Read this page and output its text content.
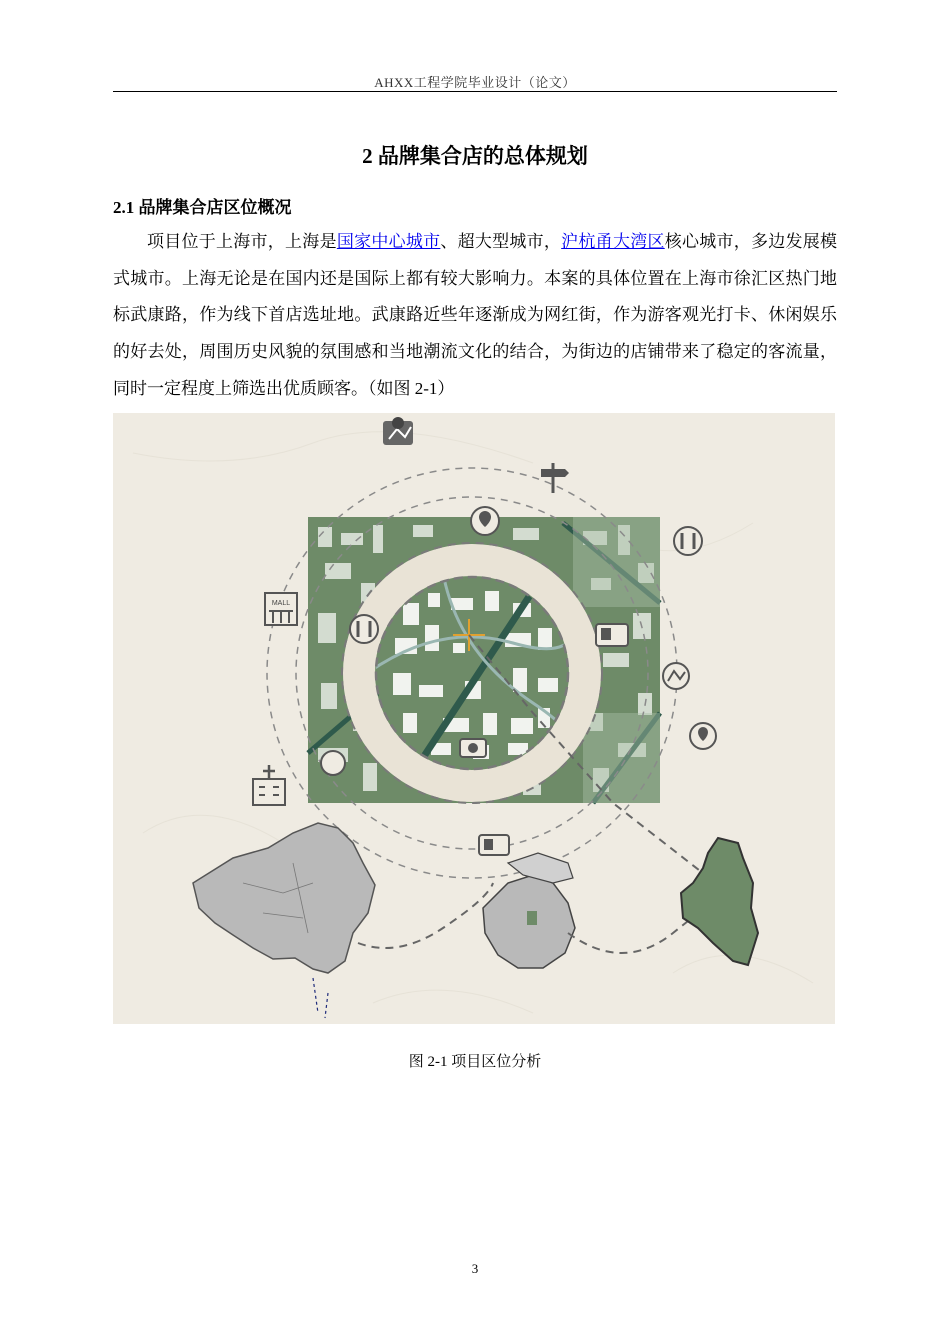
AHXX工程学院毕业设计（论文）
2 品牌集合店的总体规划
2.1 品牌集合店区位概况
项目位于上海市，上海是国家中心城市、超大型城市，沪杭甬大湾区核心城市，多边发展模式城市。上海无论是在国内还是国际上都有较大影响力。本案的具体位置在上海市徐汇区热门地标武康路，作为线下首店选址地。武康路近些年逐渐成为网红街，作为游客观光打卡、休闲娱乐的好去处，周围历史风貌的氛围感和当地潮流文化的结合，为街边的店铺带来了稳定的客流量，同时一定程度上筛选出优质顾客。（如图 2-1）
MALL
图 2-1 项目区位分析
3
